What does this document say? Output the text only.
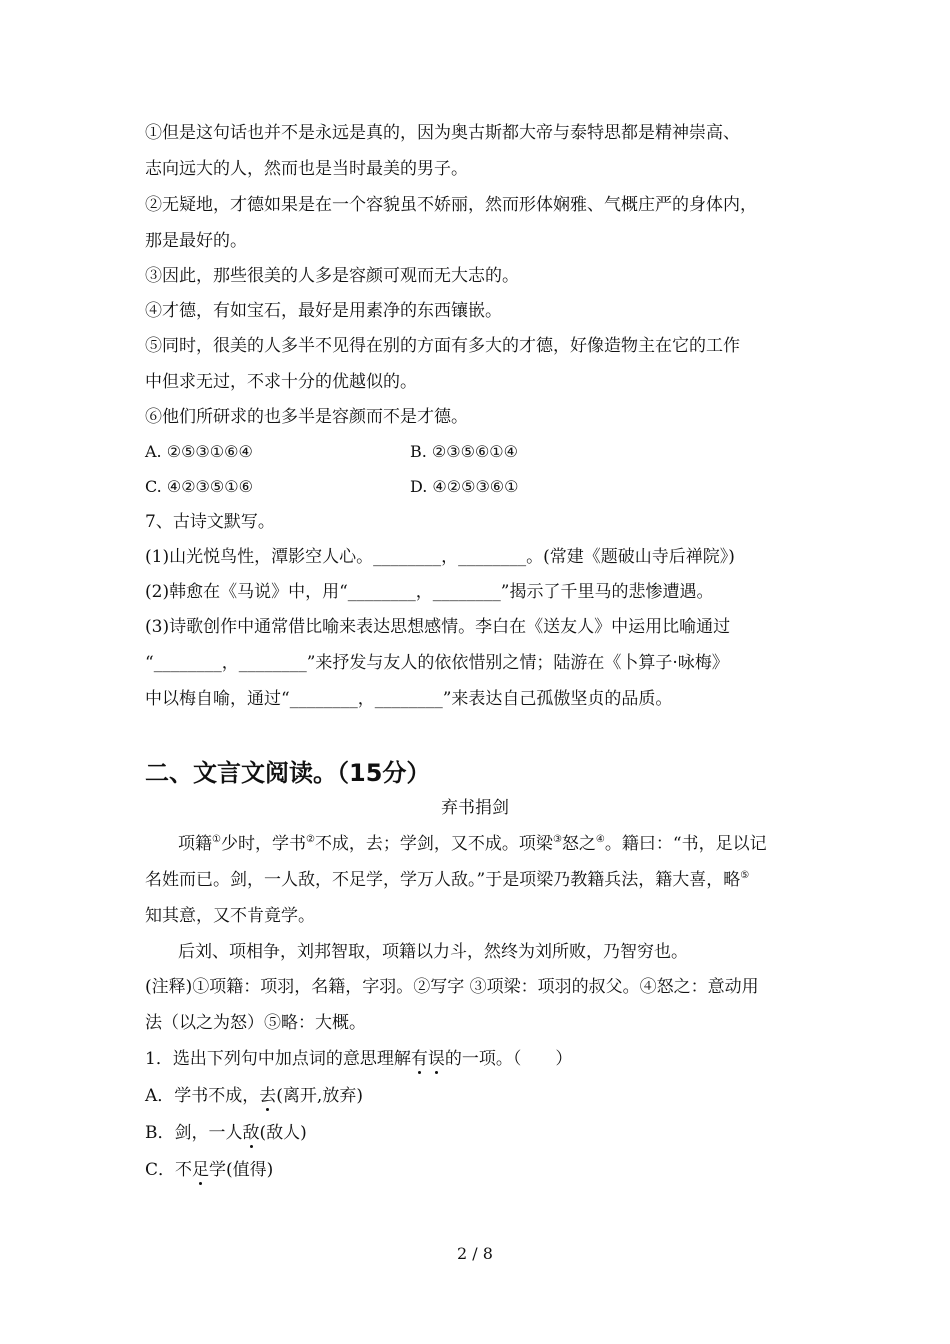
①但是这句话也并不是永远是真的，因为奥古斯都大帝与泰特思都是精神崇高、
志向远大的人，然而也是当时最美的男子。
②无疑地，才德如果是在一个容貌虽不娇丽，然而形体娴雅、气概庄严的身体内，
那是最好的。
③因此，那些很美的人多是容颜可观而无大志的。
④才德，有如宝石，最好是用素净的东西镶嵌。
⑤同时，很美的人多半不见得在别的方面有多大的才德，好像造物主在它的工作
中但求无过，不求十分的优越似的。
⑥他们所研求的也多半是容颜而不是才德。
A. ②⑤③①⑥④	B. ②③⑤⑥①④
C. ④②③⑤①⑥	D. ④②⑤③⑥①
7、古诗文默写。
(1)山光悦鸟性，潭影空人心。________，________。(常建《题破山寺后禅院》)
(2)韩愈在《马说》中，用“________，________”揭示了千里马的悲惨遭遇。
(3)诗歌创作中通常借比喻来表达思想感情。李白在《送友人》中运用比喻通过
“________，________”来抒发与友人的依依惜别之情；陆游在《卜算子·咏梅》
中以梅自喻，通过“________，________”来表达自己孤傲坚贞的品质。
二、文言文阅读。（15分）
弃书捐剑
项籍①少时，学书②不成，去；学剑，又不成。项梁③怒之④。籍曰：“书，足以记
名姓而已。剑，一人敌，不足学，学万人敌。”于是项梁乃教籍兵法，籍大喜，略⑤
知其意，又不肯竟学。
后刘、项相争，刘邦智取，项籍以力斗，然终为刘所败，乃智穷也。
(注释)①项籍：项羽，名籍，字羽。②写字 ③项梁：项羽的叔父。④怒之：意动用
法（以之为怒）⑤略：大概。
1．选出下列句中加点词的意思理解有误的一项。（　　）
A．学书不成，去(离开,放弃)
B．剑，一人敌(敌人)
C．不足学(值得)
2 / 8
